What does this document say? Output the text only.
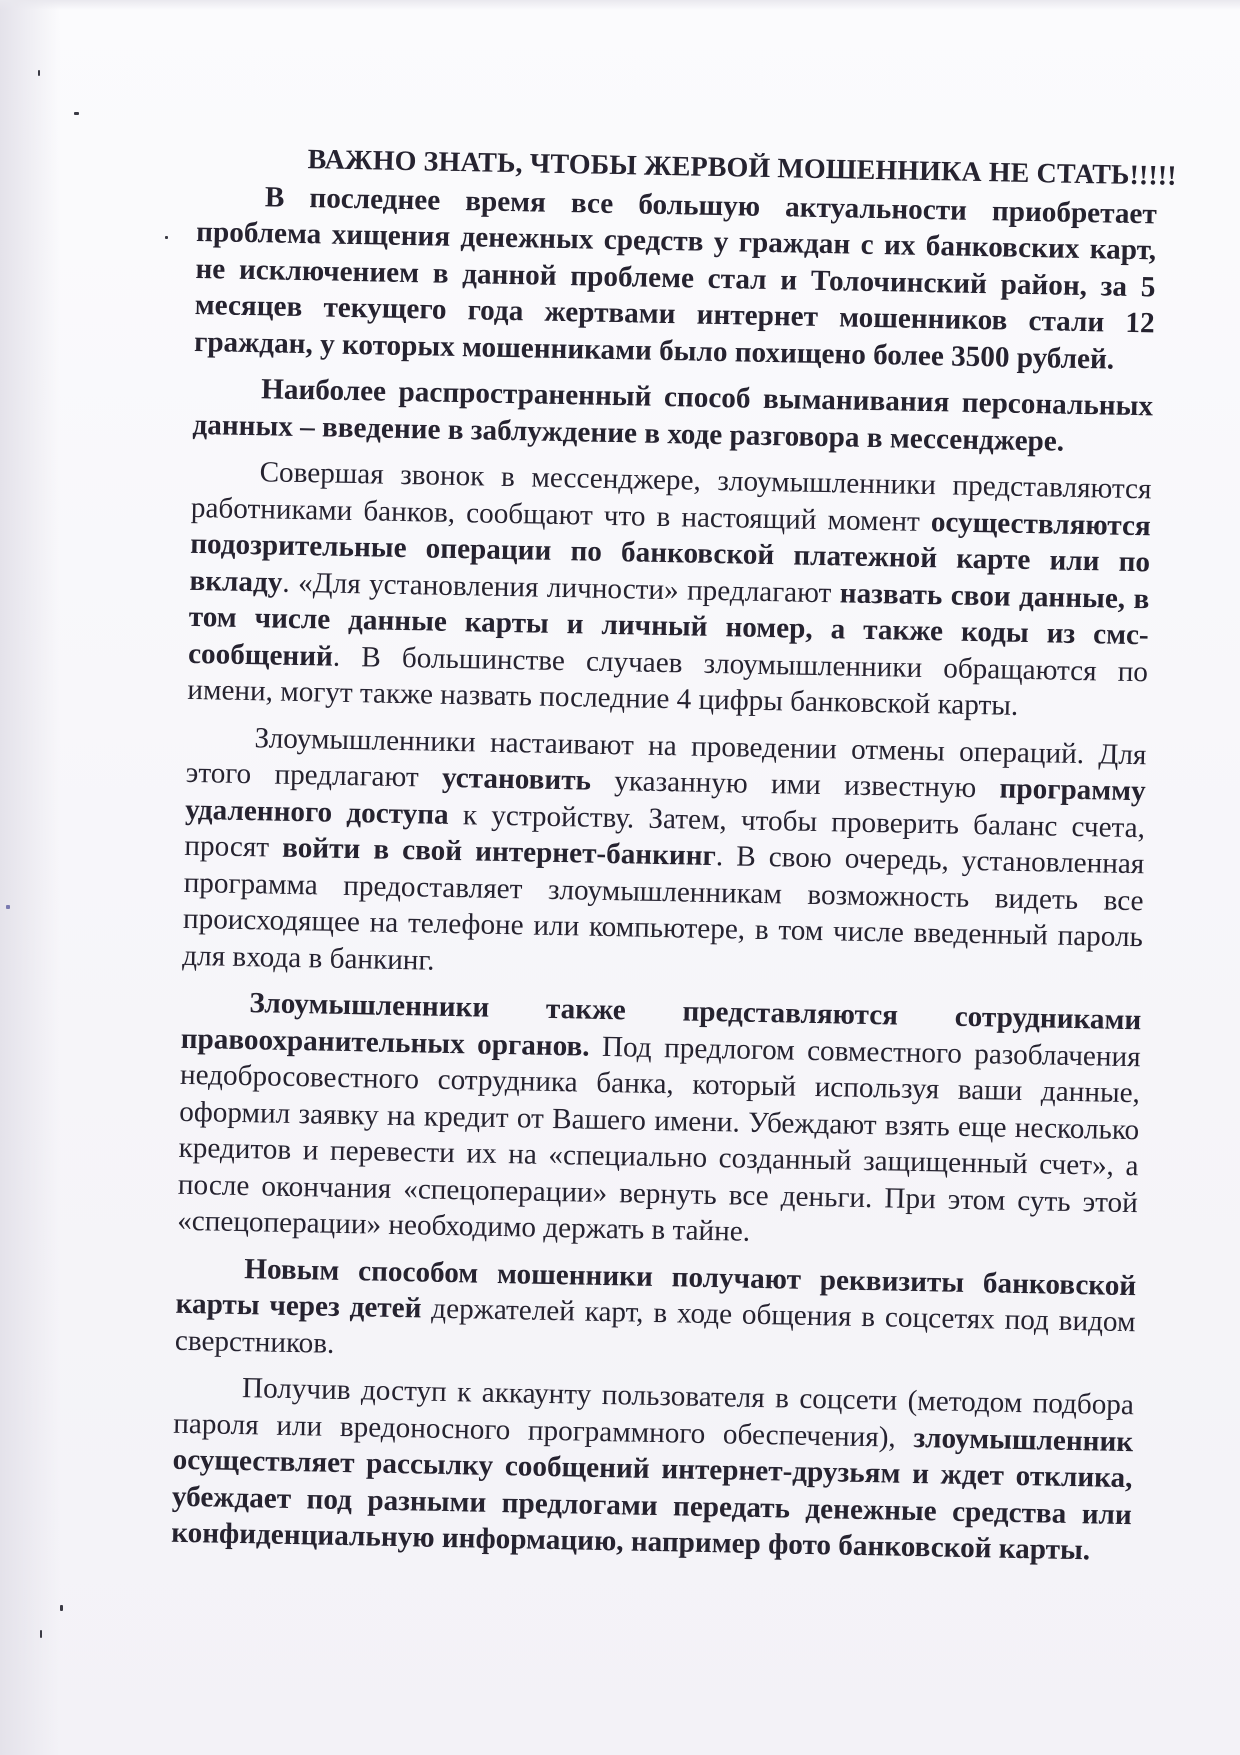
ВАЖНО ЗНАТЬ, ЧТОБЫ ЖЕРВОЙ МОШЕННИКА НЕ СТАТЬ!!!!!

В последнее время все большую актуальности приобретает проблема хищения денежных средств у граждан с их банковских карт, не исключением в данной проблеме стал и Толочинский район, за 5 месяцев текущего года жертвами интернет мошенников стали 12 граждан, у которых мошенниками было похищено более 3500 рублей.

Наиболее распространенный способ выманивания персональных данных – введение в заблуждение в ходе разговора в мессенджере.

Совершая звонок в мессенджере, злоумышленники представляются работниками банков, сообщают что в настоящий момент осуществляются подозрительные операции по банковской платежной карте или по вкладу. «Для установления личности» предлагают назвать свои данные, в том числе данные карты и личный номер, а также коды из смс-сообщений. В большинстве случаев злоумышленники обращаются по имени, могут также назвать последние 4 цифры банковской карты.

Злоумышленники настаивают на проведении отмены операций. Для этого предлагают установить указанную ими известную программу удаленного доступа к устройству. Затем, чтобы проверить баланс счета, просят войти в свой интернет-банкинг. В свою очередь, установленная программа предоставляет злоумышленникам возможность видеть все происходящее на телефоне или компьютере, в том числе введенный пароль для входа в банкинг.

Злоумышленники также представляются сотрудниками правоохранительных органов. Под предлогом совместного разоблачения недобросовестного сотрудника банка, который используя ваши данные, оформил заявку на кредит от Вашего имени. Убеждают взять еще несколько кредитов и перевести их на «специально созданный защищенный счет», а после окончания «спецоперации» вернуть все деньги. При этом суть этой «спецоперации» необходимо держать в тайне.

Новым способом мошенники получают реквизиты банковской карты через детей держателей карт, в ходе общения в соцсетях под видом сверстников.

Получив доступ к аккаунту пользователя в соцсети (методом подбора пароля или вредоносного программного обеспечения), злоумышленник осуществляет рассылку сообщений интернет-друзьям и ждет отклика, убеждает под разными предлогами передать денежные средства или конфиденциальную информацию, например фото банковской карты.
